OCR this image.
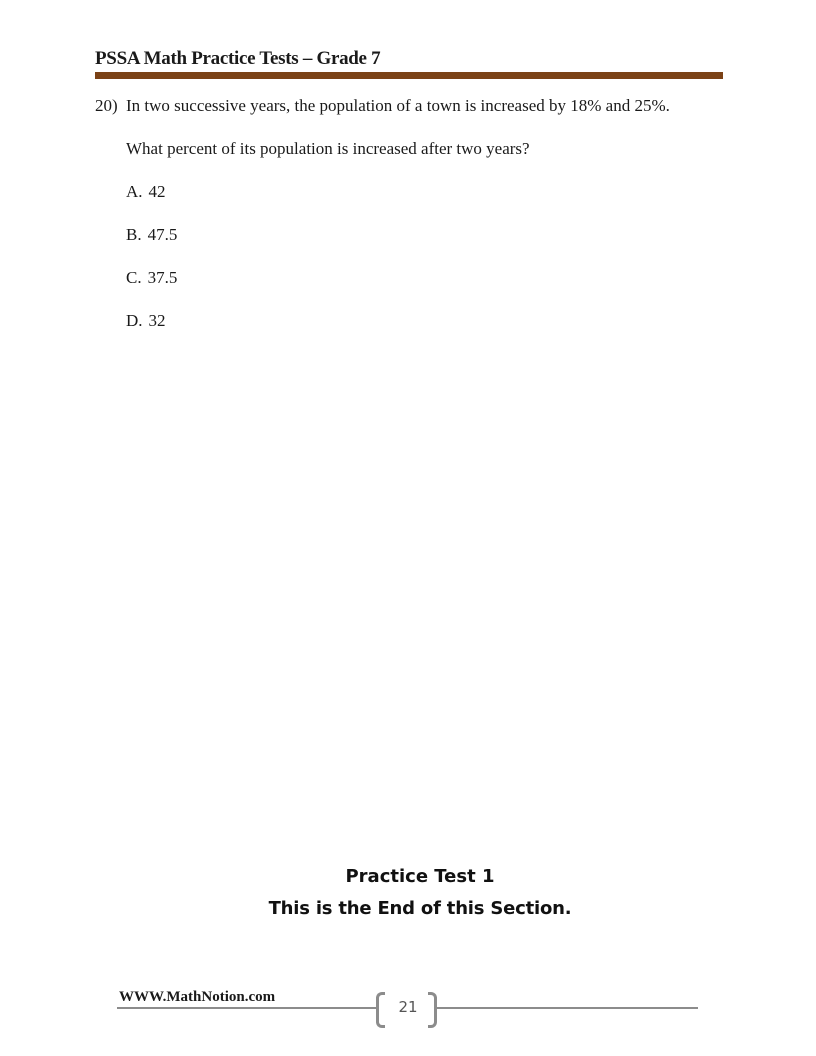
PSSA Math Practice Tests – Grade 7
20) In two successive years, the population of a town is increased by 18% and 25%.
What percent of its population is increased after two years?
A. 42
B. 47.5
C. 37.5
D. 32
Practice Test 1
This is the End of this Section.
WWW.MathNotion.com
21
